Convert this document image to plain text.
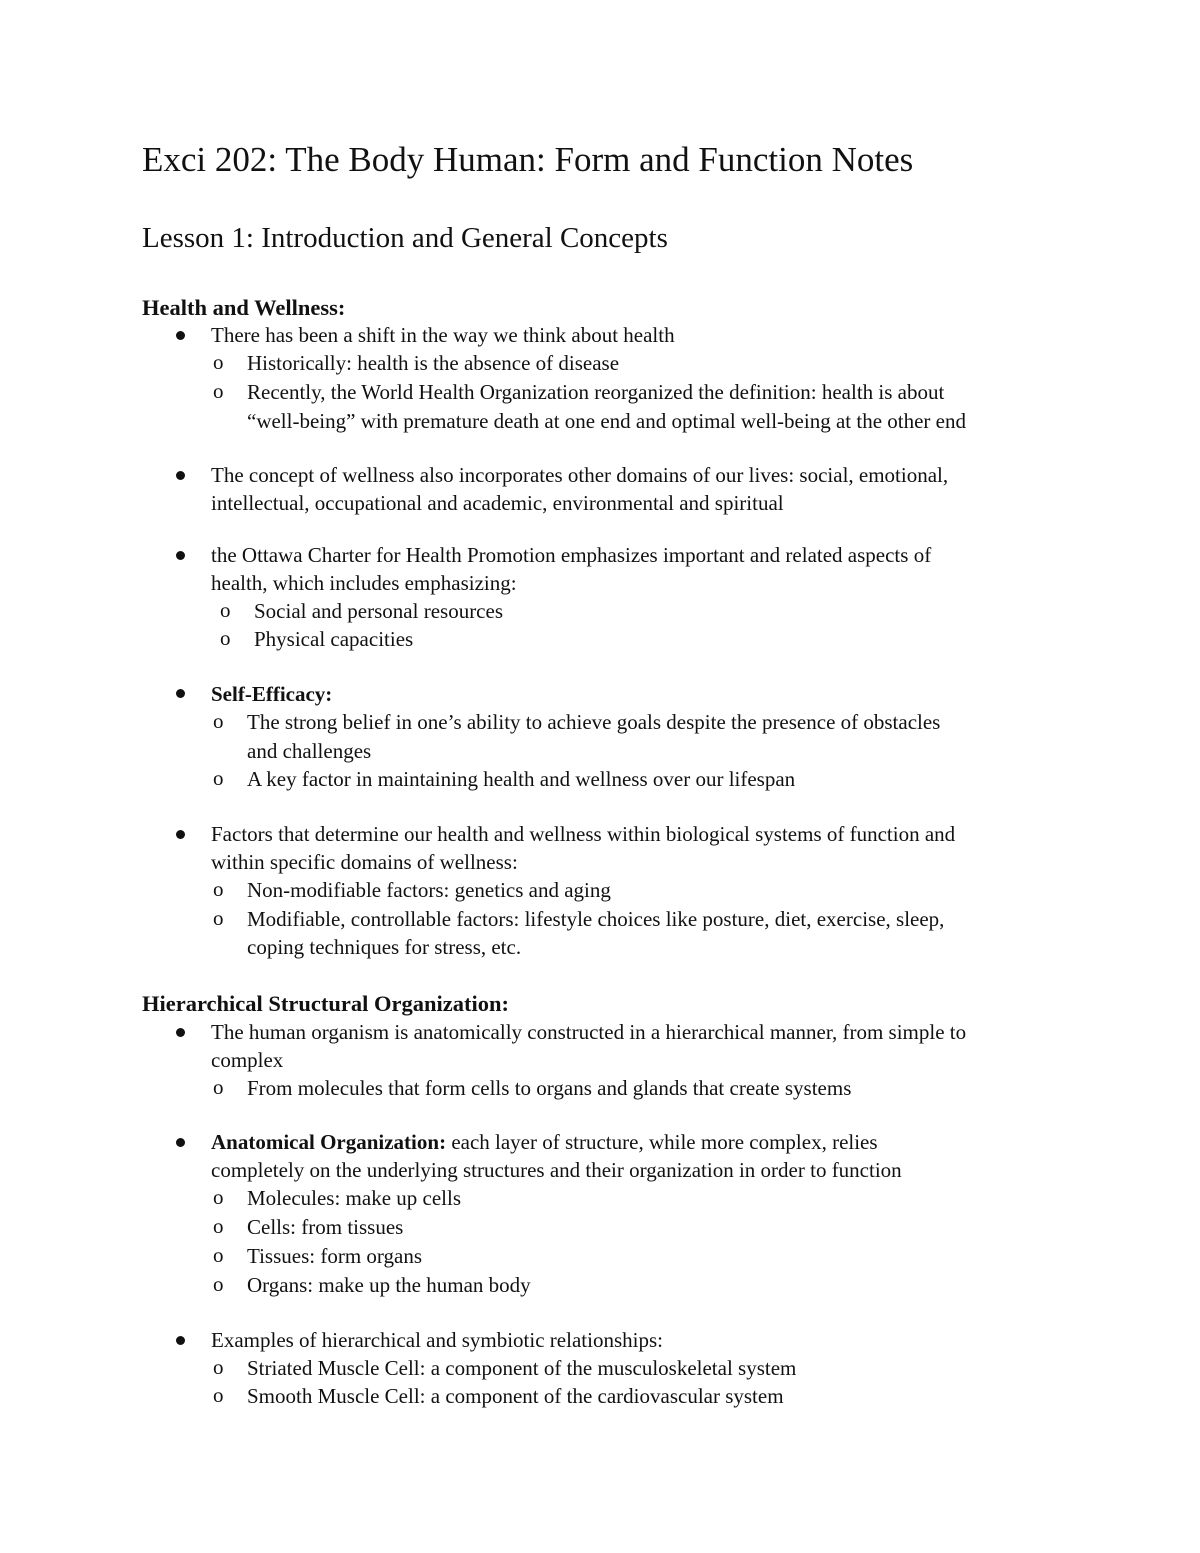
Exci 202: The Body Human: Form and Function Notes
Lesson 1: Introduction and General Concepts
Health and Wellness:
There has been a shift in the way we think about health
o Historically: health is the absence of disease
o Recently, the World Health Organization reorganized the definition: health is about
“well-being” with premature death at one end and optimal well-being at the other end
The concept of wellness also incorporates other domains of our lives: social, emotional,
intellectual, occupational and academic, environmental and spiritual
the Ottawa Charter for Health Promotion emphasizes important and related aspects of
health, which includes emphasizing:
o Social and personal resources
o Physical capacities
Self-Efficacy:
o The strong belief in one’s ability to achieve goals despite the presence of obstacles
and challenges
o A key factor in maintaining health and wellness over our lifespan
Factors that determine our health and wellness within biological systems of function and
within specific domains of wellness:
o Non-modifiable factors: genetics and aging
o Modifiable, controllable factors: lifestyle choices like posture, diet, exercise, sleep,
coping techniques for stress, etc.
Hierarchical Structural Organization:
The human organism is anatomically constructed in a hierarchical manner, from simple to
complex
o From molecules that form cells to organs and glands that create systems
Anatomical Organization: each layer of structure, while more complex, relies
completely on the underlying structures and their organization in order to function
o Molecules: make up cells
o Cells: from tissues
o Tissues: form organs
o Organs: make up the human body
Examples of hierarchical and symbiotic relationships:
o Striated Muscle Cell: a component of the musculoskeletal system
o Smooth Muscle Cell: a component of the cardiovascular system
